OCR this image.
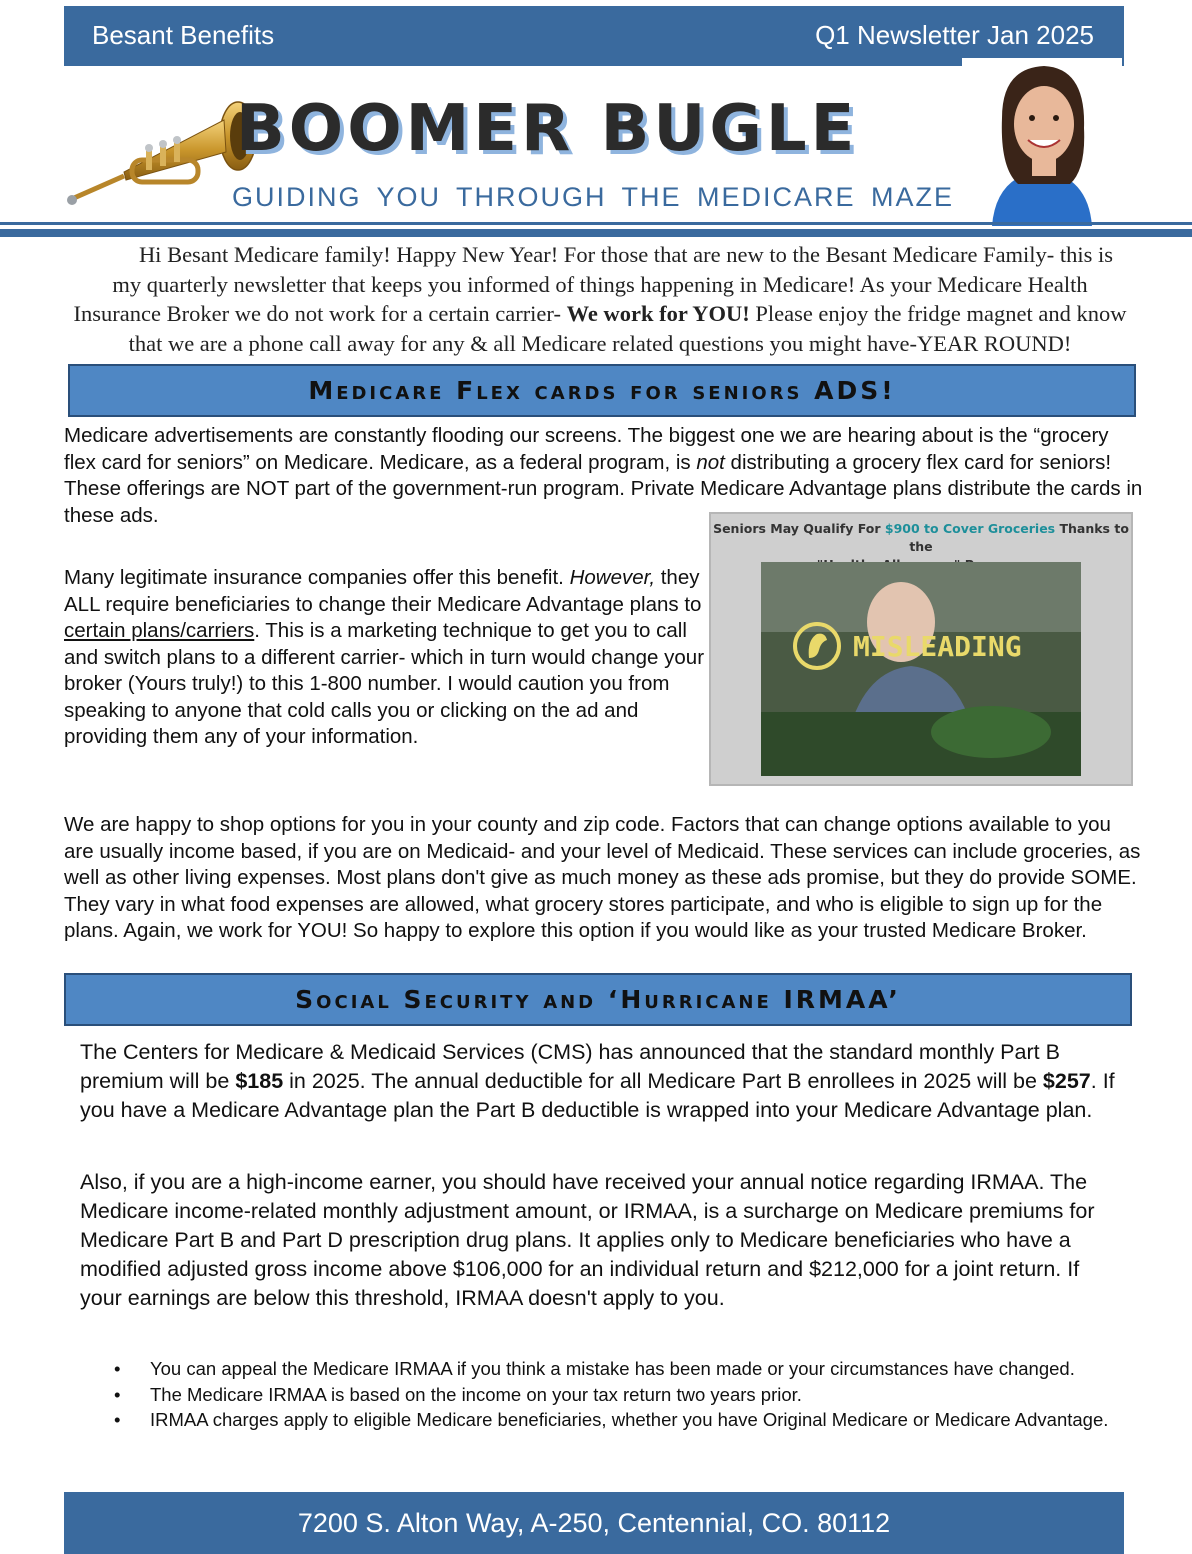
Besant Benefits	Q1 Newsletter Jan 2025
BOOMER BUGLE
GUIDING YOU THROUGH THE MEDICARE MAZE
Hi Besant Medicare family! Happy New Year! For those that are new to the Besant Medicare Family- this is my quarterly newsletter that keeps you informed of things happening in Medicare! As your Medicare Health Insurance Broker we do not work for a certain carrier- We work for YOU! Please enjoy the fridge magnet and know that we are a phone call away for any & all Medicare related questions you might have-YEAR ROUND!
Medicare Flex cards for seniors ADS!
Medicare advertisements are constantly flooding our screens. The biggest one we are hearing about is the “grocery flex card for seniors” on Medicare. Medicare, as a federal program, is not distributing a grocery flex card for seniors! These offerings are NOT part of the government-run program. Private Medicare Advantage plans distribute the cards in these ads.
Many legitimate insurance companies offer this benefit. However, they ALL require beneficiaries to change their Medicare Advantage plans to certain plans/carriers. This is a marketing technique to get you to call and switch plans to a different carrier- which in turn would change your broker (Yours truly!) to this 1-800 number. I would caution you from speaking to anyone that cold calls you or clicking on the ad and providing them any of your information.
Seniors May Qualify For $900 to Cover Groceries Thanks to the

MISLEADING
We are happy to shop options for you in your county and zip code. Factors that can change options available to you are usually income based, if you are on Medicaid- and your level of Medicaid. These services can include groceries, as well as other living expenses. Most plans don't give as much money as these ads promise, but they do provide SOME. They vary in what food expenses are allowed, what grocery stores participate, and who is eligible to sign up for the plans. Again, we work for YOU! So happy to explore this option if you would like as your trusted Medicare Broker.
Social Security and ‘Hurricane IRMAA’
The Centers for Medicare & Medicaid Services (CMS) has announced that the standard monthly Part B premium will be $185 in 2025. The annual deductible for all Medicare Part B enrollees in 2025 will be $257. If you have a Medicare Advantage plan the Part B deductible is wrapped into your Medicare Advantage plan.
Also, if you are a high-income earner, you should have received your annual notice regarding IRMAA. The Medicare income-related monthly adjustment amount, or IRMAA, is a surcharge on Medicare premiums for Medicare Part B and Part D prescription drug plans. It applies only to Medicare beneficiaries who have a modified adjusted gross income above $106,000 for an individual return and $212,000 for a joint return. If your earnings are below this threshold, IRMAA doesn't apply to you.
• You can appeal the Medicare IRMAA if you think a mistake has been made or your circumstances have changed.
• The Medicare IRMAA is based on the income on your tax return two years prior.
• IRMAA charges apply to eligible Medicare beneficiaries, whether you have Original Medicare or Medicare Advantage.
7200 S. Alton Way, A-250, Centennial, CO. 80112
